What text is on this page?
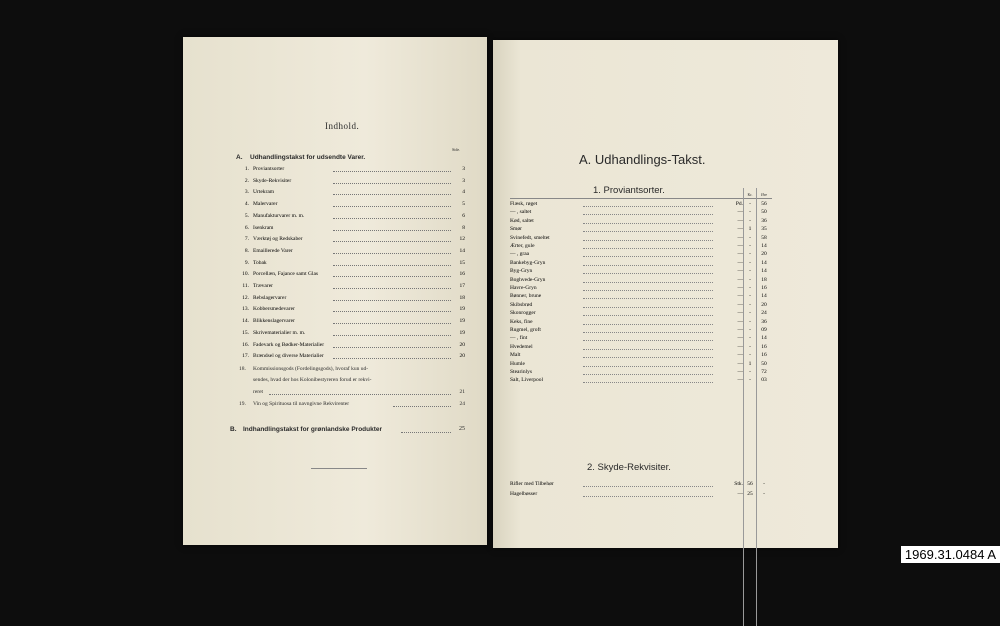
Indhold.
Side.
A. Udhandlingstakst for udsendte Varer.
1. Proviantsorter	3
2. Skyde-Rekvisiter	3
3. Urtekram	4
4. Malervarer	5
5. Manufakturvarer m. m.	6
6. Isenkram	8
7. Værktøj og Redskaber	12
8. Emaillerede Varer	14
9. Tobak	15
10. Porcellæn, Fajance samt Glas	16
11. Trævarer	17
12. Rebslagervarer	18
13. Kobbersmedevarer	19
14. Blikkenslagervarer	19
15. Skrivematerialier m. m.	19
16. Fadevark og Bødker-Materialier	20
17. Brændsel og diverse Materialier	20
18. Kommissionsgods (Fordelingsgods), hvoraf kun ud-
sendes, hvad der hos Kolonibestyreren forud er rekvi-
reret	21
19. Vin og Spirituosa til navngivne Rekvirenter	24
B. Indhandlingstakst for grønlandske Produkter	25
A. Udhandlings-Takst.
1. Proviantsorter.	Kr.	Øre
Flæsk, røget	Pd.	-	56
— , saltet	—	-	50
Kød, saltet	—	-	36
Smør	—	1	35
Svinefedt, smeltet	—	-	58
Ærter, gule	—	-	14
— , graa	—	-	20
Bankebyg-Gryn	—	-	14
Byg-Gryn	—	-	14
Boghvede-Gryn	—	-	18
Havre-Gryn	—	-	16
Bønner, brune	—	-	14
Skibsbrød	—	-	20
Skonrogger	—	-	24
Keks, fine	—	-	36
Rugmel, groft	—	-	09
— , fint	—	-	14
Hvedemel	—	-	16
Malt	—	-	16
Humle	—	1	50
Stearinlys	—	-	72
Salt, Liverpool	—	-	03
2. Skyde-Rekvisiter.
Rifler med Tilbehør	Stk. 56	-
Hagelbøsser	— 25	-
1969.31.0484 A
